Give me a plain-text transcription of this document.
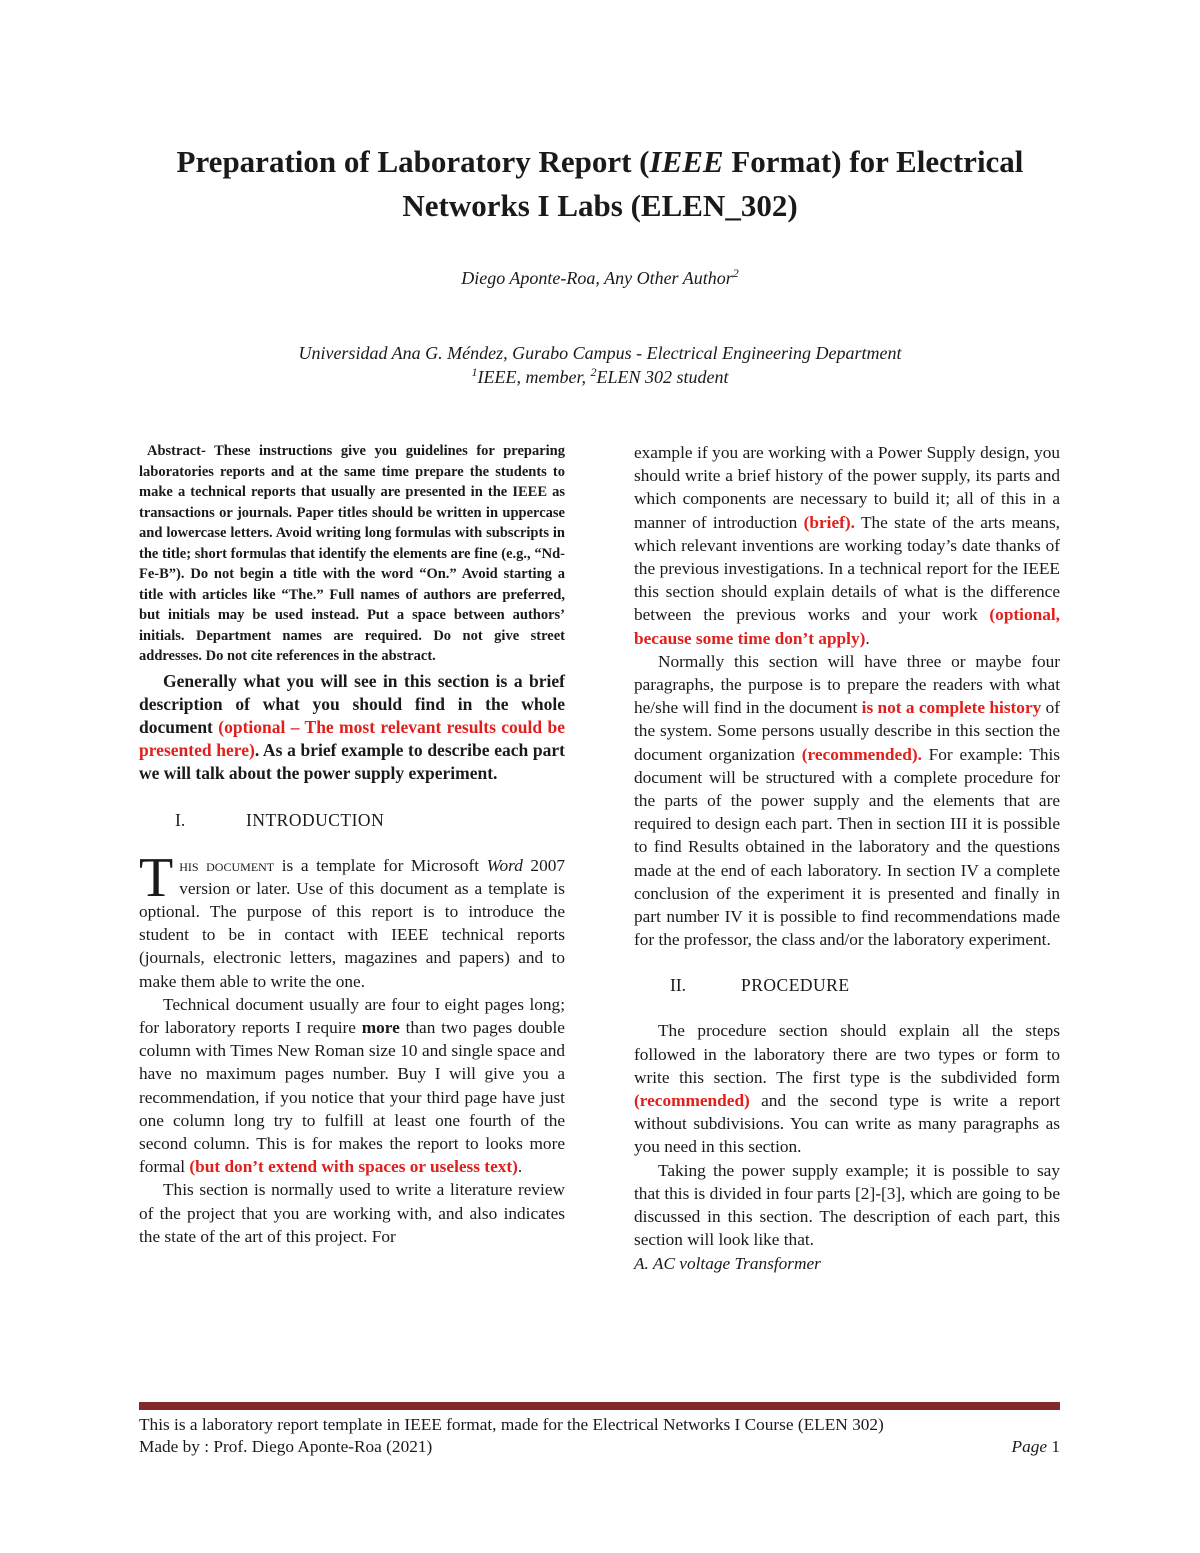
Preparation of Laboratory Report (IEEE Format) for Electrical
Networks I Labs (ELEN_302)
Diego Aponte-Roa, Any Other Author$^2$
Universidad Ana G. Méndez, Gurabo Campus - Electrical Engineering Department
$^1$IEEE, member, $^2$ELEN 302 student

Abstract- These instructions give you guidelines for preparing laboratories reports and at the same time prepare the students to make a technical reports that usually are presented in the IEEE as transactions or journals. Paper titles should be written in uppercase and lowercase letters. Avoid writing long formulas with subscripts in the title; short formulas that identify the elements are fine (e.g., “Nd-Fe-B”). Do not begin a title with the word “On.” Avoid starting a title with articles like “The.” Full names of authors are preferred, but initials may be used instead. Put a space between authors’ initials. Department names are required. Do not give street addresses. Do not cite references in the abstract.

Generally what you will see in this section is a brief description of what you should find in the whole document (optional – The most relevant results could be presented here). As a brief example to describe each part we will talk about the power supply experiment.

I.	INTRODUCTION

This document is a template for Microsoft Word 2007 version or later. Use of this document as a template is optional. The purpose of this report is to introduce the student to be in contact with IEEE technical reports (journals, electronic letters, magazines and papers) and to make them able to write the one.

Technical document usually are four to eight pages long; for laboratory reports I require more than two pages double column with Times New Roman size 10 and single space and have no maximum pages number. Buy I will give you a recommendation, if you notice that your third page have just one column long try to fulfill at least one fourth of the second column. This is for makes the report to looks more formal (but don’t extend with spaces or useless text).

This section is normally used to write a literature review of the project that you are working with, and also indicates the state of the art of this project. For

example if you are working with a Power Supply design, you should write a brief history of the power supply, its parts and which components are necessary to build it; all of this in a manner of introduction (brief). The state of the arts means, which relevant inventions are working today’s date thanks of the previous investigations. In a technical report for the IEEE this section should explain details of what is the difference between the previous works and your work (optional, because some time don’t apply).

Normally this section will have three or maybe four paragraphs, the purpose is to prepare the readers with what he/she will find in the document is not a complete history of the system. Some persons usually describe in this section the document organization (recommended). For example: This document will be structured with a complete procedure for the parts of the power supply and the elements that are required to design each part. Then in section III it is possible to find Results obtained in the laboratory and the questions made at the end of each laboratory. In section IV a complete conclusion of the experiment it is presented and finally in part number IV it is possible to find recommendations made for the professor, the class and/or the laboratory experiment.

II.	PROCEDURE

The procedure section should explain all the steps followed in the laboratory there are two types or form to write this section. The first type is the subdivided form (recommended) and the second type is write a report without subdivisions. You can write as many paragraphs as you need in this section.

Taking the power supply example; it is possible to say that this is divided in four parts [2]-[3], which are going to be discussed in this section. The description of each part, this section will look like that.

A. AC voltage Transformer

This is a laboratory report template in IEEE format, made for the Electrical Networks I Course (ELEN 302)
Made by : Prof. Diego Aponte-Roa (2021)	Page 1
